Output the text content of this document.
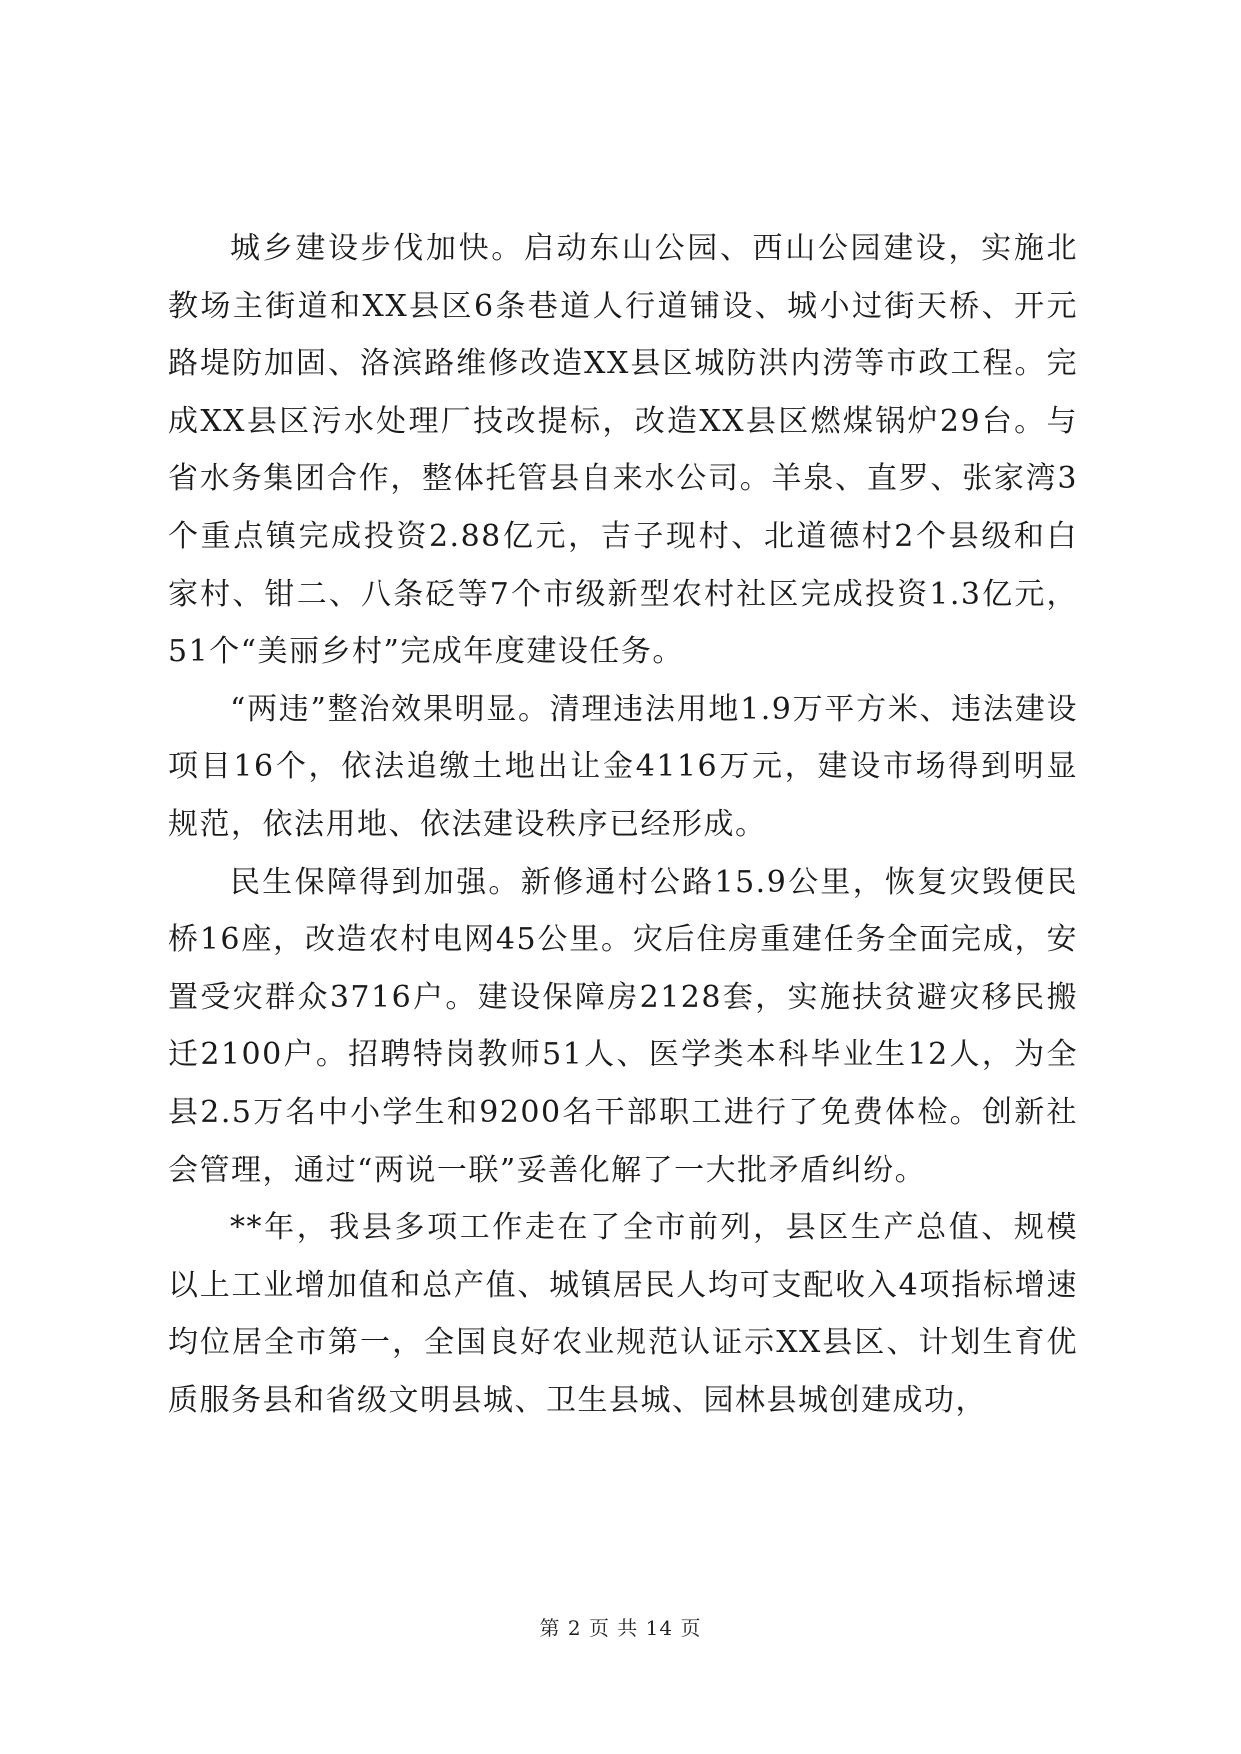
城乡建设步伐加快。启动东山公园、西山公园建设，实施北教场主街道和XX县区6条巷道人行道铺设、城小过街天桥、开元路堤防加固、洛滨路维修改造XX县区城防洪内涝等市政工程。完成XX县区污水处理厂技改提标，改造XX县区燃煤锅炉29台。与省水务集团合作，整体托管县自来水公司。羊泉、直罗、张家湾3个重点镇完成投资2.88亿元，吉子现村、北道德村2个县级和白家村、钳二、八条砭等7个市级新型农村社区完成投资1.3亿元，51个“美丽乡村”完成年度建设任务。

“两违”整治效果明显。清理违法用地1.9万平方米、违法建设项目16个，依法追缴土地出让金4116万元，建设市场得到明显规范，依法用地、依法建设秩序已经形成。

民生保障得到加强。新修通村公路15.9公里，恢复灾毁便民桥16座，改造农村电网45公里。灾后住房重建任务全面完成，安置受灾群众3716户。建设保障房2128套，实施扶贫避灾移民搬迁2100户。招聘特岗教师51人、医学类本科毕业生12人，为全县2.5万名中小学生和9200名干部职工进行了免费体检。创新社会管理，通过“两说一联”妥善化解了一大批矛盾纠纷。

**年，我县多项工作走在了全市前列，县区生产总值、规模以上工业增加值和总产值、城镇居民人均可支配收入4项指标增速均位居全市第一，全国良好农业规范认证示XX县区、计划生育优质服务县和省级文明县城、卫生县城、园林县城创建成功，

第 2 页 共 14 页
